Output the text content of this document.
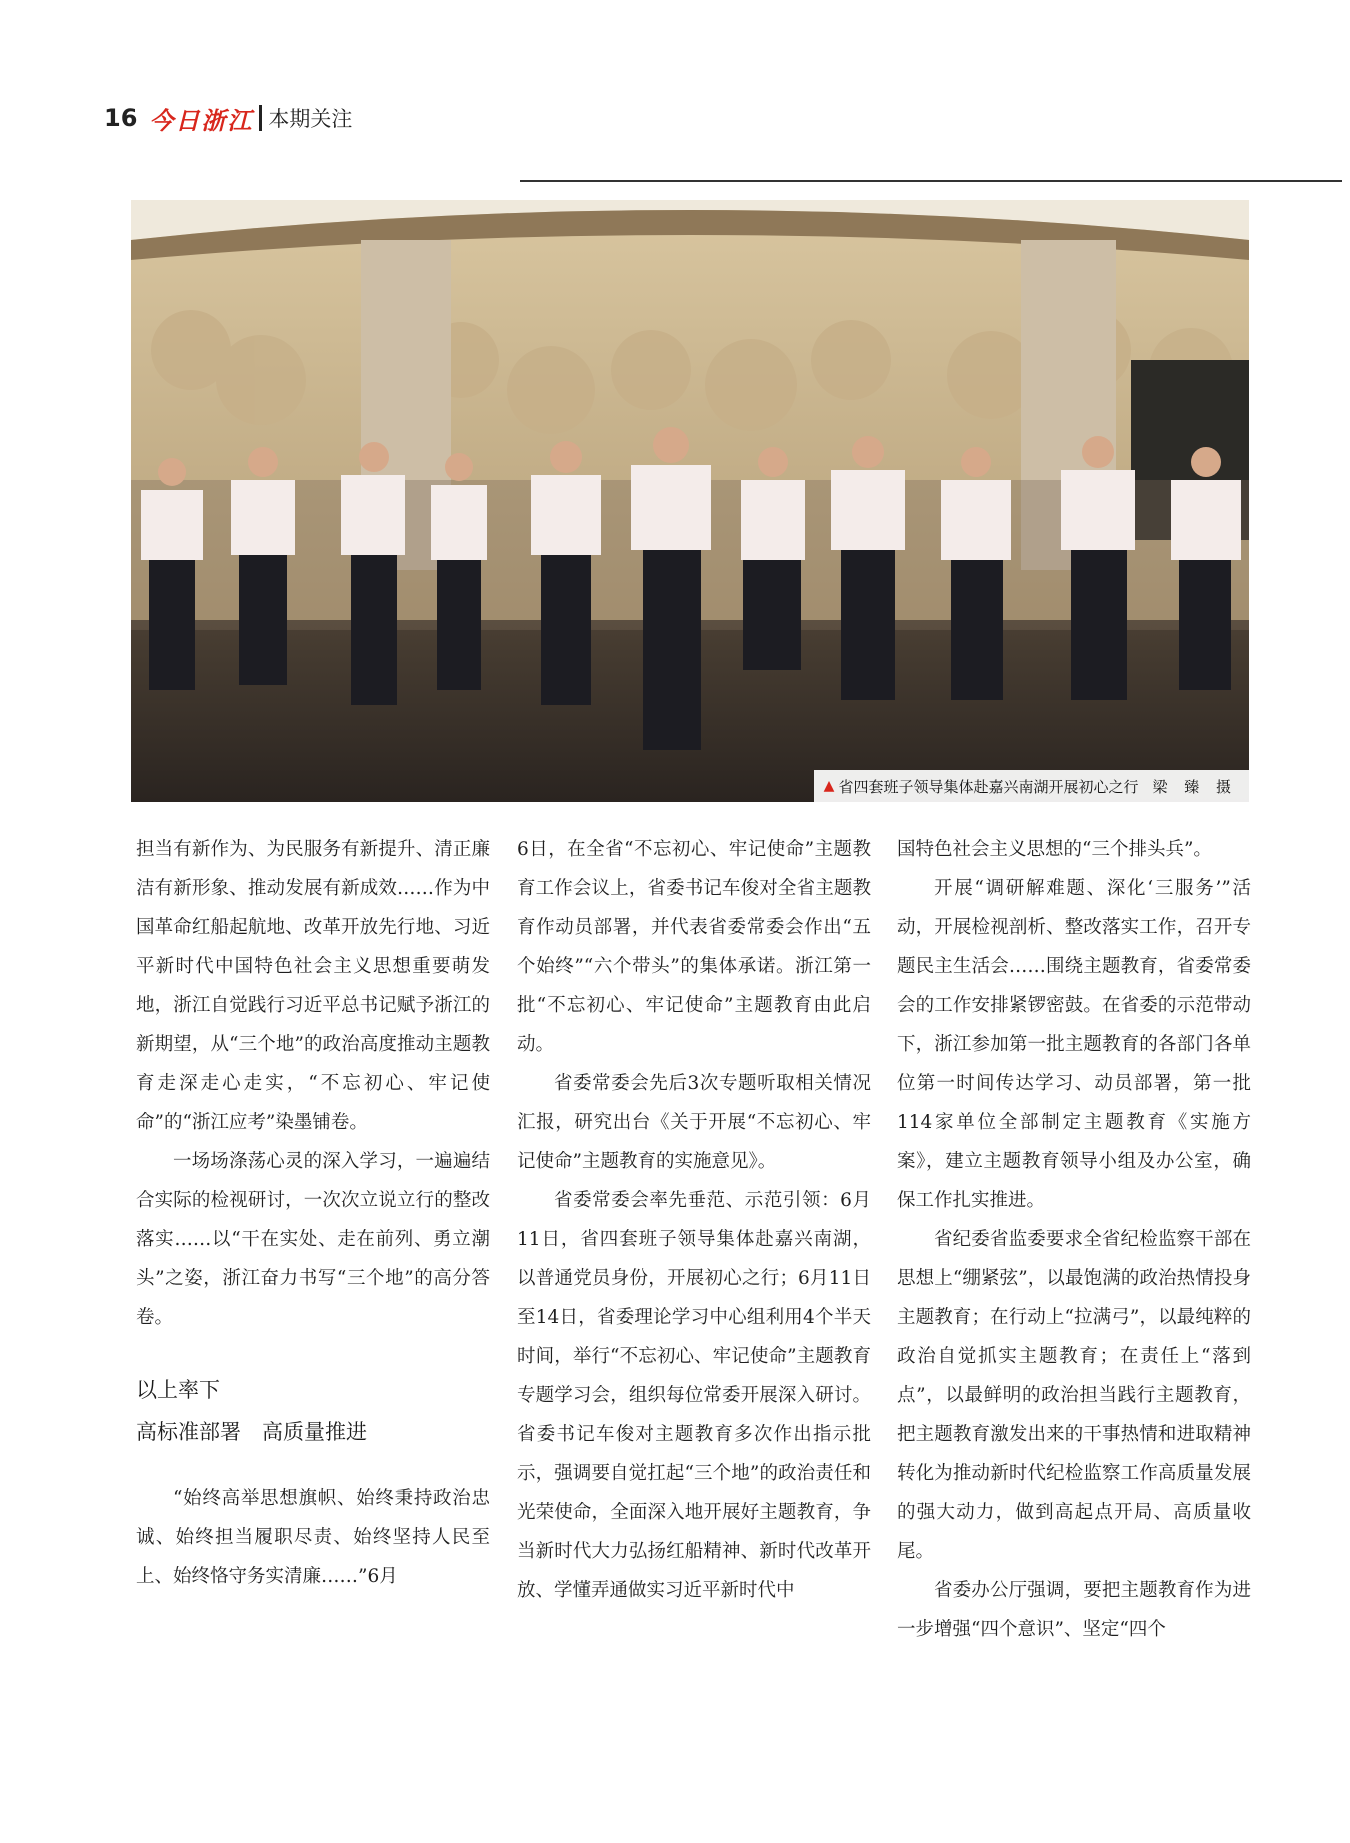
16 今日浙江 本期关注
▲ 省四套班子领导集体赴嘉兴南湖开展初心之行 梁 臻 摄

担当有新作为、为民服务有新提升、清正廉洁有新形象、推动发展有新成效……作为中国革命红船起航地、改革开放先行地、习近平新时代中国特色社会主义思想重要萌发地，浙江自觉践行习近平总书记赋予浙江的新期望，从“三个地”的政治高度推动主题教育走深走心走实，“不忘初心、牢记使命”的“浙江应考”染墨铺卷。

一场场涤荡心灵的深入学习，一遍遍结合实际的检视研讨，一次次立说立行的整改落实……以“干在实处、走在前列、勇立潮头”之姿，浙江奋力书写“三个地”的高分答卷。

以上率下
高标准部署　高质量推进

“始终高举思想旗帜、始终秉持政治忠诚、始终担当履职尽责、始终坚持人民至上、始终恪守务实清廉……”6月

6日，在全省“不忘初心、牢记使命”主题教育工作会议上，省委书记车俊对全省主题教育作动员部署，并代表省委常委会作出“五个始终”“六个带头”的集体承诺。浙江第一批“不忘初心、牢记使命”主题教育由此启动。

省委常委会先后3次专题听取相关情况汇报，研究出台《关于开展“不忘初心、牢记使命”主题教育的实施意见》。

省委常委会率先垂范、示范引领：6月11日，省四套班子领导集体赴嘉兴南湖，以普通党员身份，开展初心之行；6月11日至14日，省委理论学习中心组利用4个半天时间，举行“不忘初心、牢记使命”主题教育专题学习会，组织每位常委开展深入研讨。省委书记车俊对主题教育多次作出指示批示，强调要自觉扛起“三个地”的政治责任和光荣使命，全面深入地开展好主题教育，争当新时代大力弘扬红船精神、新时代改革开放、学懂弄通做实习近平新时代中

国特色社会主义思想的“三个排头兵”。

开展“调研解难题、深化‘三服务’”活动，开展检视剖析、整改落实工作，召开专题民主生活会……围绕主题教育，省委常委会的工作安排紧锣密鼓。在省委的示范带动下，浙江参加第一批主题教育的各部门各单位第一时间传达学习、动员部署，第一批114家单位全部制定主题教育《实施方案》，建立主题教育领导小组及办公室，确保工作扎实推进。

省纪委省监委要求全省纪检监察干部在思想上“绷紧弦”，以最饱满的政治热情投身主题教育；在行动上“拉满弓”，以最纯粹的政治自觉抓实主题教育；在责任上“落到点”，以最鲜明的政治担当践行主题教育，把主题教育激发出来的干事热情和进取精神转化为推动新时代纪检监察工作高质量发展的强大动力，做到高起点开局、高质量收尾。

省委办公厅强调，要把主题教育作为进一步增强“四个意识”、坚定“四个
